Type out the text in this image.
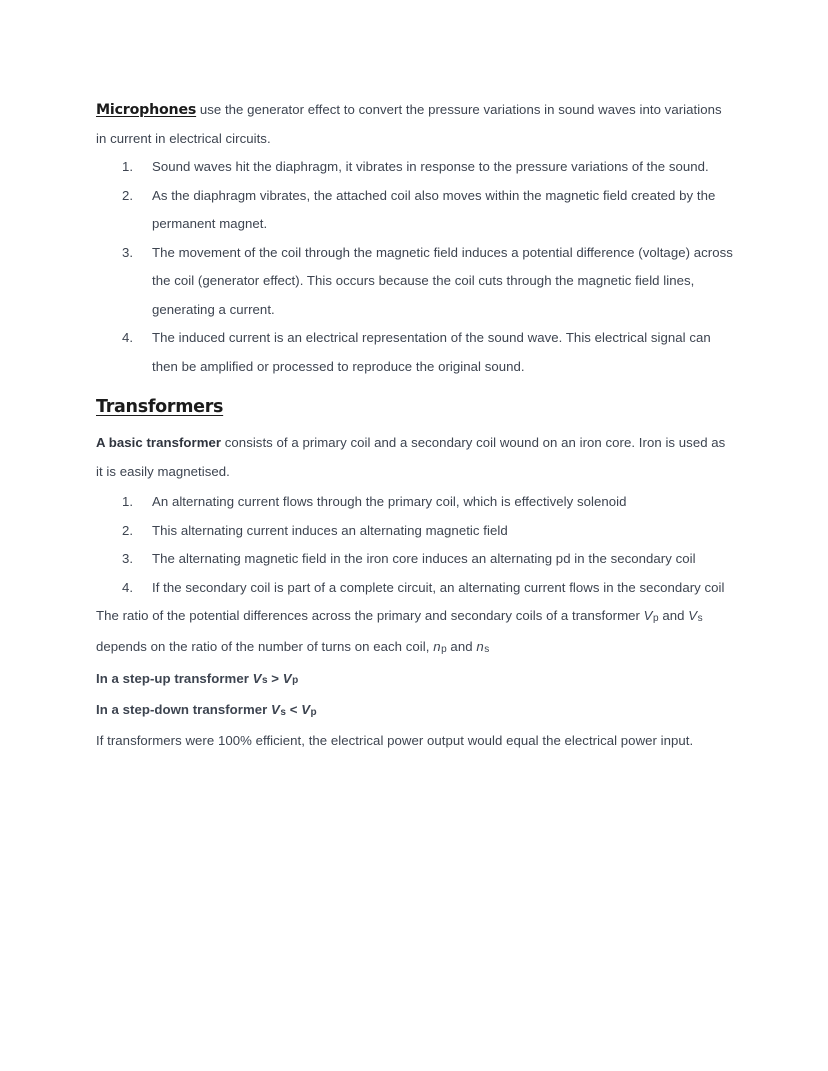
Microphones use the generator effect to convert the pressure variations in sound waves into variations in current in electrical circuits.

1.	Sound waves hit the diaphragm, it vibrates in response to the pressure variations of the sound.
2.	As the diaphragm vibrates, the attached coil also moves within the magnetic field created by the permanent magnet.
3.	The movement of the coil through the magnetic field induces a potential difference (voltage) across the coil (generator effect). This occurs because the coil cuts through the magnetic field lines, generating a current.
4.	The induced current is an electrical representation of the sound wave. This electrical signal can then be amplified or processed to reproduce the original sound.
Transformers

A basic transformer consists of a primary coil and a secondary coil wound on an iron core. Iron is used as it is easily magnetised.

1.	An alternating current flows through the primary coil, which is effectively solenoid
2.	This alternating current induces an alternating magnetic field
3.	The alternating magnetic field in the iron core induces an alternating pd in the secondary coil
4.	If the secondary coil is part of a complete circuit, an alternating current flows in the secondary coil

The ratio of the potential differences across the primary and secondary coils of a transformer Vp and Vs depends on the ratio of the number of turns on each coil, np and ns

In a step-up transformer Vs > Vp

In a step-down transformer Vs < Vp

If transformers were 100% efficient, the electrical power output would equal the electrical power input.
